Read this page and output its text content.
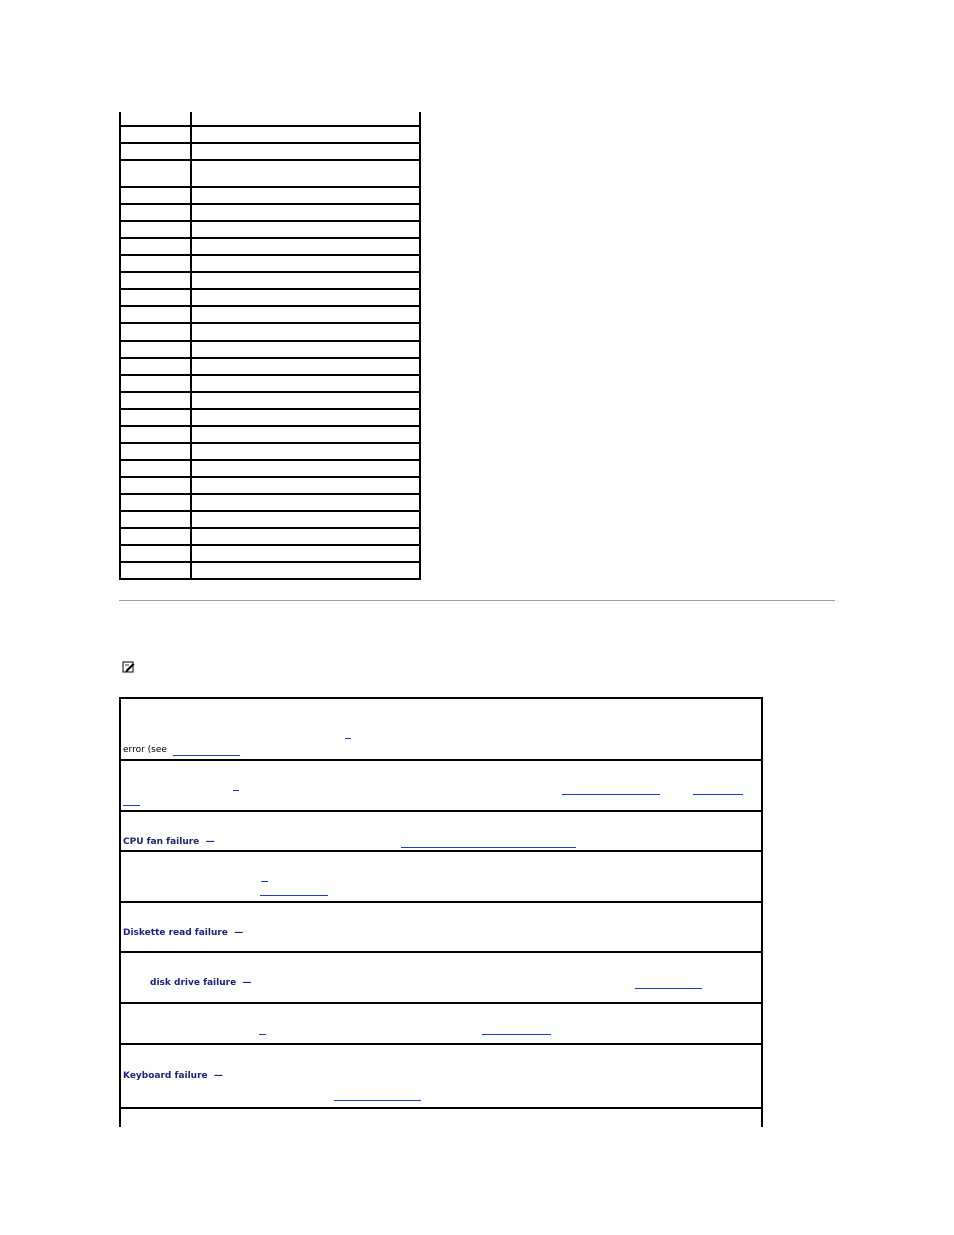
error (see
CPU fan failure —
Diskette read failure —
disk drive failure —
Keyboard failure —
